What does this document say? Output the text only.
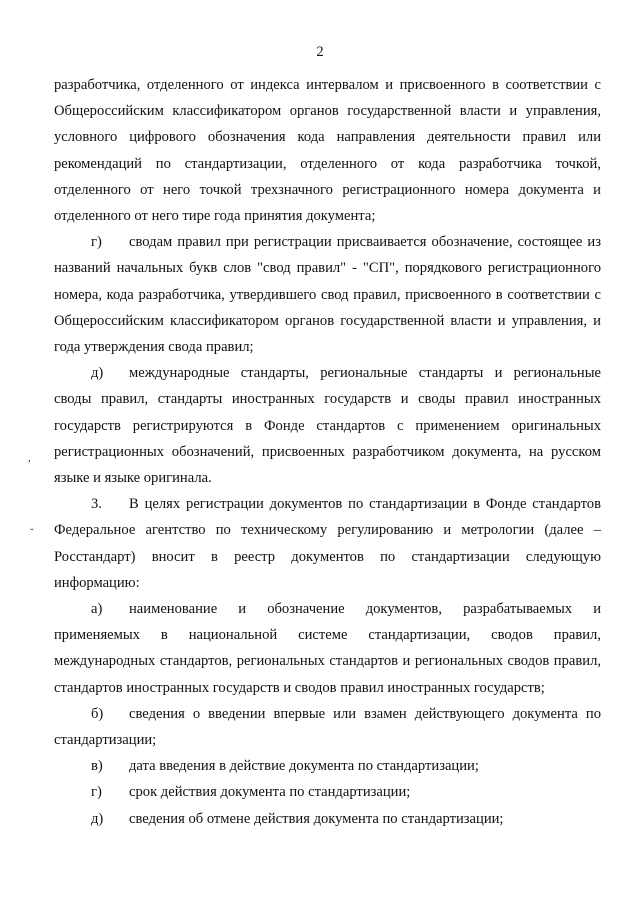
2
,
ˇ

разработчика, отделенного от индекса интервалом и присвоенного в соответствии с Общероссийским классификатором органов государственной власти и управления, условного цифрового обозначения кода направления деятельности правил или рекомендаций по стандартизации, отделенного от кода разработчика точкой, отделенного от него точкой трехзначного регистрационного номера документа и отделенного от него тире года принятия документа;

г) сводам правил при регистрации присваивается обозначение, состоящее из названий начальных букв слов "свод правил" - "СП", порядкового регистрационного номера, кода разработчика, утвердившего свод правил, присвоенного в соответствии с Общероссийским классификатором органов государственной власти и управления, и года утверждения свода правил;

д) международные стандарты, региональные стандарты и региональные своды правил, стандарты иностранных государств и своды правил иностранных государств регистрируются в Фонде стандартов с применением оригинальных регистрационных обозначений, присвоенных разработчиком документа, на русском языке и языке оригинала.

3. В целях регистрации документов по стандартизации в Фонде стандартов Федеральное агентство по техническому регулированию и метрологии (далее – Росстандарт) вносит в реестр документов по стандартизации следующую информацию:

а) наименование и обозначение документов, разрабатываемых и применяемых в национальной системе стандартизации, сводов правил, международных стандартов, региональных стандартов и региональных сводов правил, стандартов иностранных государств и сводов правил иностранных государств;

б) сведения о введении впервые или взамен действующего документа по стандартизации;

в) дата введения в действие документа по стандартизации;

г) срок действия документа по стандартизации;

д) сведения об отмене действия документа по стандартизации;
